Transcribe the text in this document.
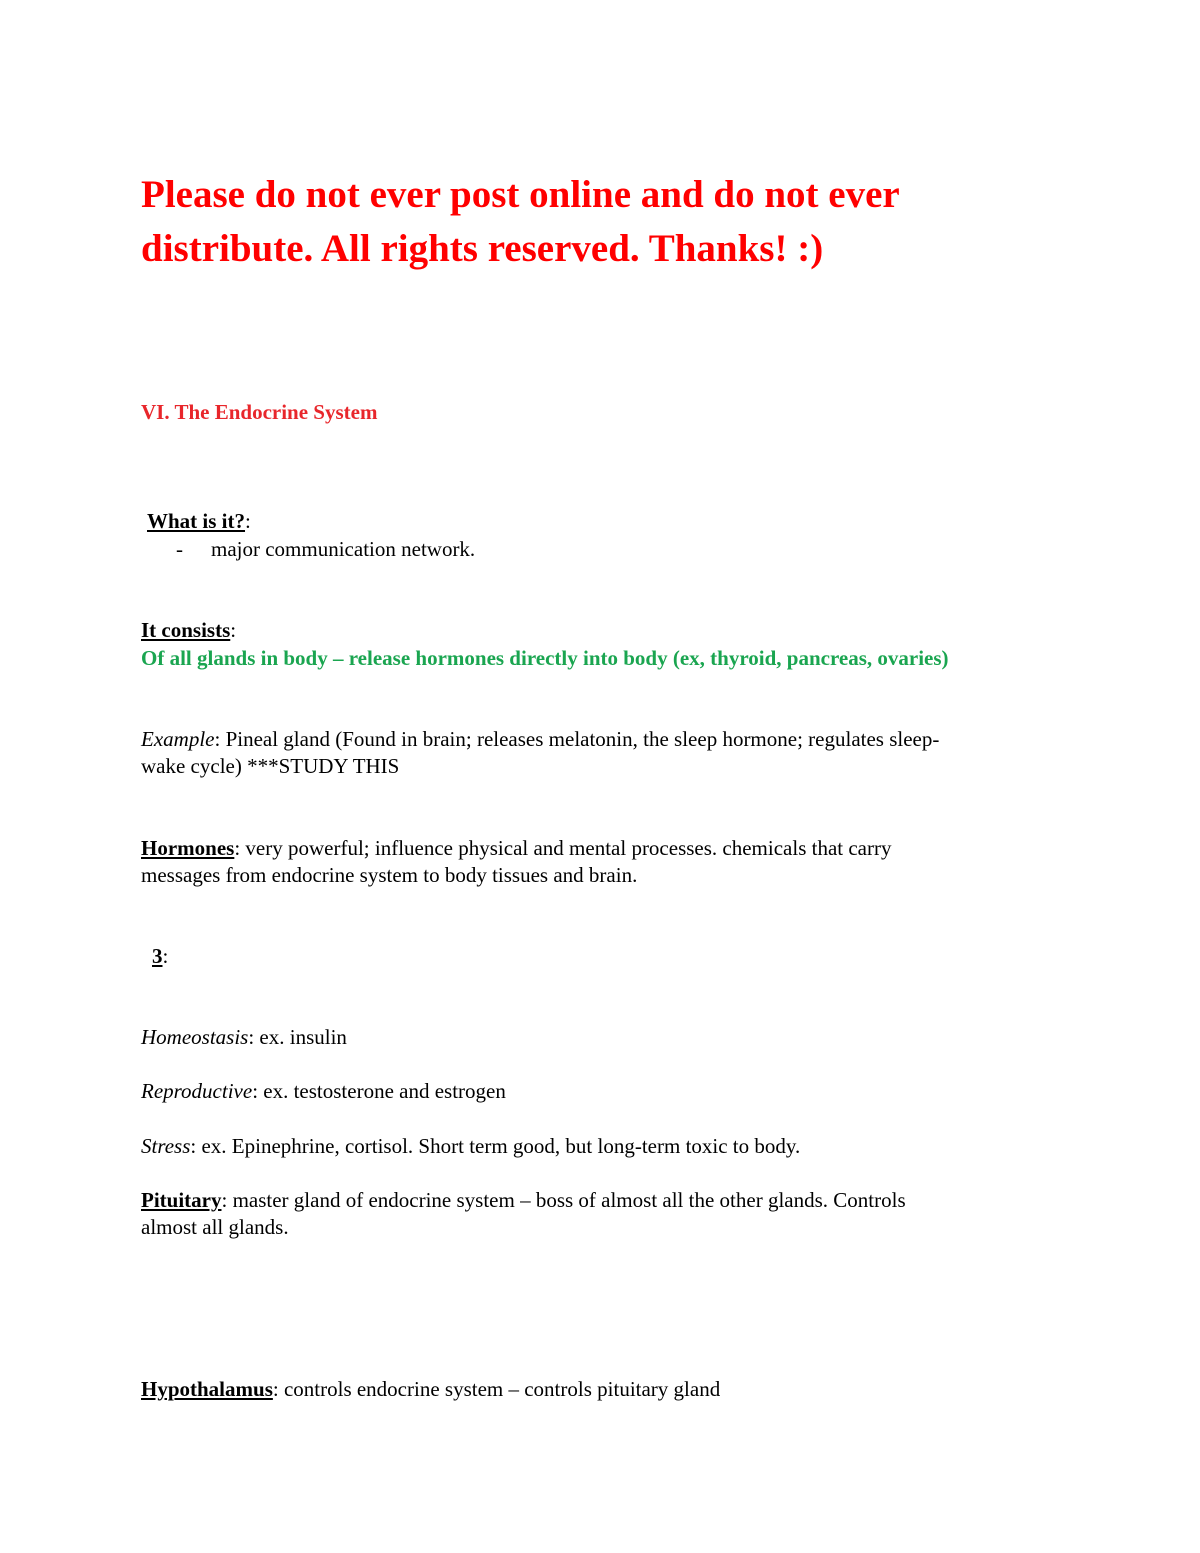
Please do not ever post online and do not ever
distribute. All rights reserved. Thanks! :)
VI. The Endocrine System
What is it?:
- major communication network.
It consists:
Of all glands in body – release hormones directly into body (ex, thyroid, pancreas, ovaries)
Example: Pineal gland (Found in brain; releases melatonin, the sleep hormone; regulates sleep-
wake cycle) ***STUDY THIS
Hormones: very powerful; influence physical and mental processes. chemicals that carry
messages from endocrine system to body tissues and brain.
3:
Homeostasis: ex. insulin
Reproductive: ex. testosterone and estrogen
Stress: ex. Epinephrine, cortisol. Short term good, but long-term toxic to body.
Pituitary: master gland of endocrine system – boss of almost all the other glands. Controls
almost all glands.
Hypothalamus: controls endocrine system – controls pituitary gland
